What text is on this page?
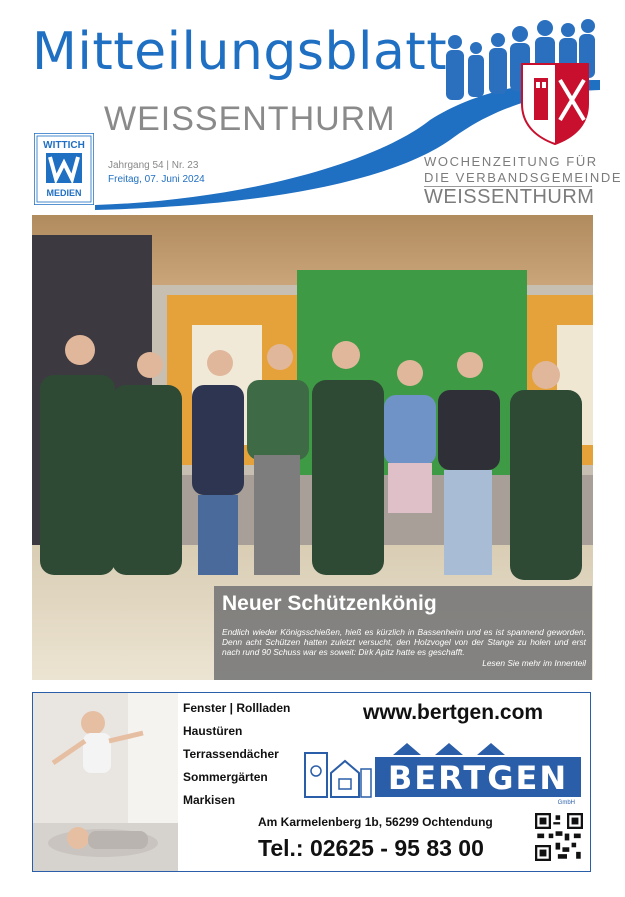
Mitteilungsblatt
WEISSENTHURM
WITTICH
MEDIEN
Jahrgang 54 | Nr. 23
Freitag, 07. Juni 2024
WOCHENZEITUNG FÜR
DIE VERBANDSGEMEINDE
WEISSENTHURM
Neuer Schützenkönig
Endlich wieder Königsschießen, hieß es kürzlich in Bassenheim und es ist spannend geworden. Denn acht Schützen hatten zuletzt versucht, den Holzvogel von der Stange zu holen und erst nach rund 90 Schuss war es soweit: Dirk Apitz hatte es geschafft.
Lesen Sie mehr im Innenteil
Fenster | Rollladen
Haustüren
Terrassendächer
Sommergärten
Markisen
www.bertgen.com
BERTGEN
GmbH
Am Karmelenberg 1b, 56299 Ochtendung
Tel.: 02625 - 95 83 00
